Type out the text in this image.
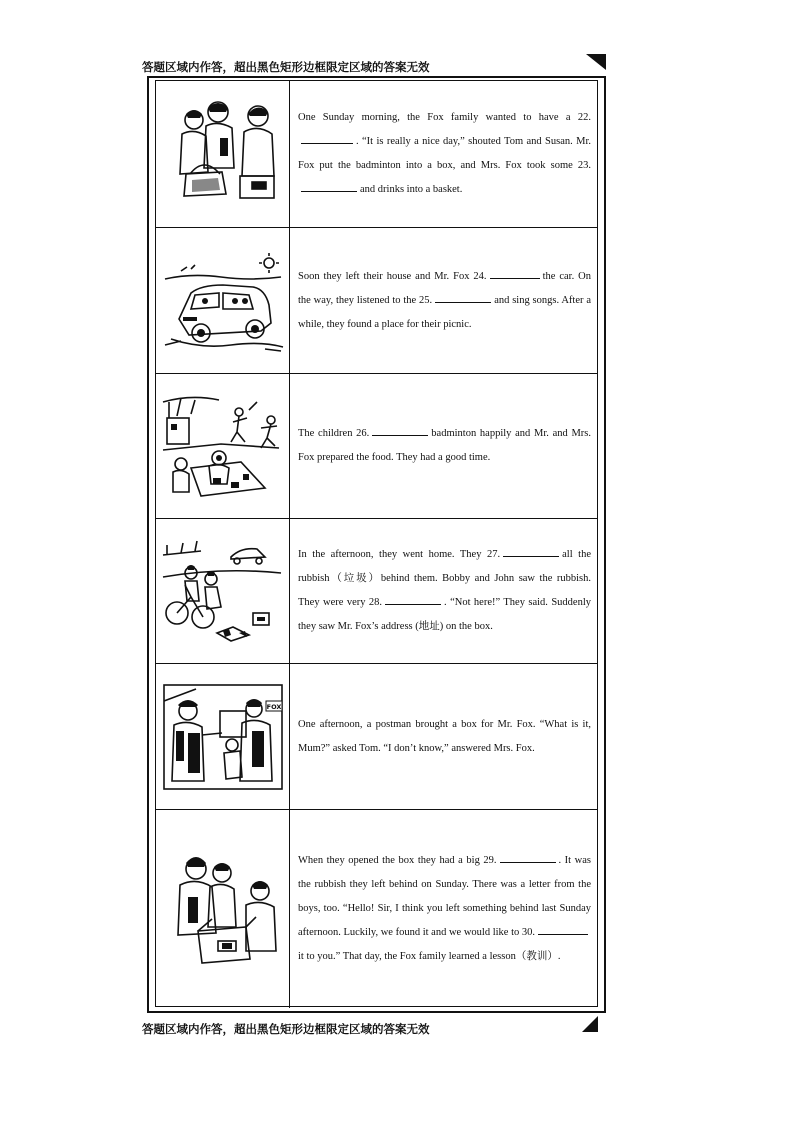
答题区域内作答，超出黑色矩形边框限定区域的答案无效

One Sunday morning, the Fox family wanted to have a 22.. “It is really a nice day,” shouted Tom and Susan. Mr. Fox put the badminton into a box, and Mrs. Fox took some 23.and drinks into a basket.

Soon they left their house and Mr. Fox 24.	the car. On the way, they listened to the 25.	and sing songs. After a while, they found a place for their picnic.

The children 26.	badminton happily and Mr. and Mrs. Fox prepared the food. They had a good time.

In the afternoon, they went home. They 27.	all the rubbish（垃圾）behind them. Bobby and John saw the rubbish. They were very 28.	. “Not here!” They said. Suddenly they saw Mr. Fox’s address (地址) on the box.

FOX

One afternoon, a postman brought a box for Mr. Fox. “What is it, Mum?” asked Tom. “I don’t know,” answered Mrs. Fox.

When they opened the box they had a big 29.	. It was the rubbish they left behind on Sunday. There was a letter from the boys, too. “Hello! Sir, I think you left something behind last Sunday afternoon. Luckily, we found it and we would like to 30.it to you.” That day, the Fox family learned a lesson（教训）.

答题区域内作答，超出黑色矩形边框限定区域的答案无效
